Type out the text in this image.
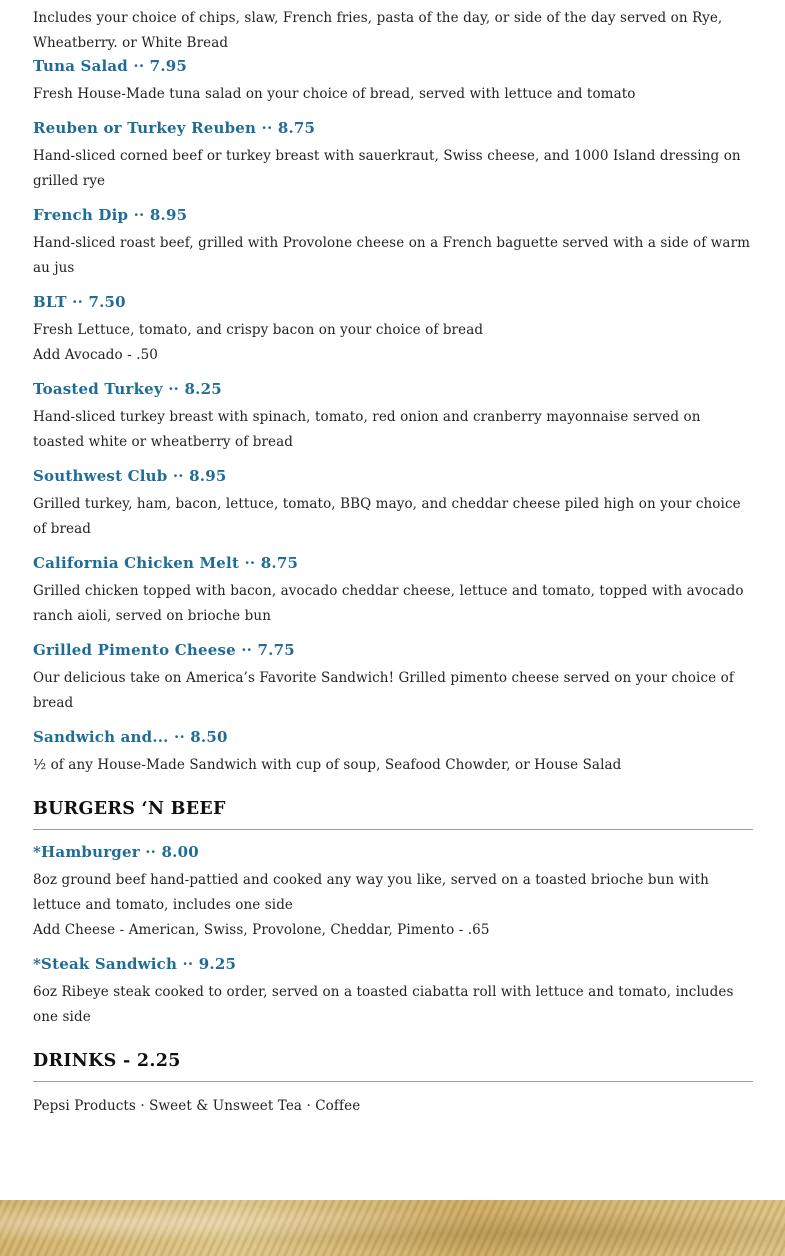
Includes your choice of chips, slaw, French fries, pasta of the day, or side of the day served on Rye, Wheatberry. or White Bread

Tuna Salad ·· 7.95

Fresh House-Made tuna salad on your choice of bread, served with lettuce and tomato

Reuben or Turkey Reuben ·· 8.75

Hand-sliced corned beef or turkey breast with sauerkraut, Swiss cheese, and 1000 Island dressing on grilled rye

French Dip ·· 8.95

Hand-sliced roast beef, grilled with Provolone cheese on a French baguette served with a side of warm au jus

BLT ·· 7.50

Fresh Lettuce, tomato, and crispy bacon on your choice of bread

Add Avocado - .50

Toasted Turkey ·· 8.25

Hand-sliced turkey breast with spinach, tomato, red onion and cranberry mayonnaise served on toasted white or wheatberry of bread

Southwest Club ·· 8.95

Grilled turkey, ham, bacon, lettuce, tomato, BBQ mayo, and cheddar cheese piled high on your choice of bread

California Chicken Melt ·· 8.75

Grilled chicken topped with bacon, avocado cheddar cheese, lettuce and tomato, topped with avocado ranch aioli, served on brioche bun

Grilled Pimento Cheese ·· 7.75

Our delicious take on America’s Favorite Sandwich! Grilled pimento cheese served on your choice of bread

Sandwich and... ·· 8.50

½ of any House-Made Sandwich with cup of soup, Seafood Chowder, or House Salad

BURGERS ‘N BEEF
*Hamburger ·· 8.00

8oz ground beef hand-pattied and cooked any way you like, served on a toasted brioche bun with lettuce and tomato, includes one side

Add Cheese - American, Swiss, Provolone, Cheddar, Pimento - .65

*Steak Sandwich ·· 9.25

6oz Ribeye steak cooked to order, served on a toasted ciabatta roll with lettuce and tomato, includes one side

DRINKS - 2.25

Pepsi Products · Sweet & Unsweet Tea · Coffee
